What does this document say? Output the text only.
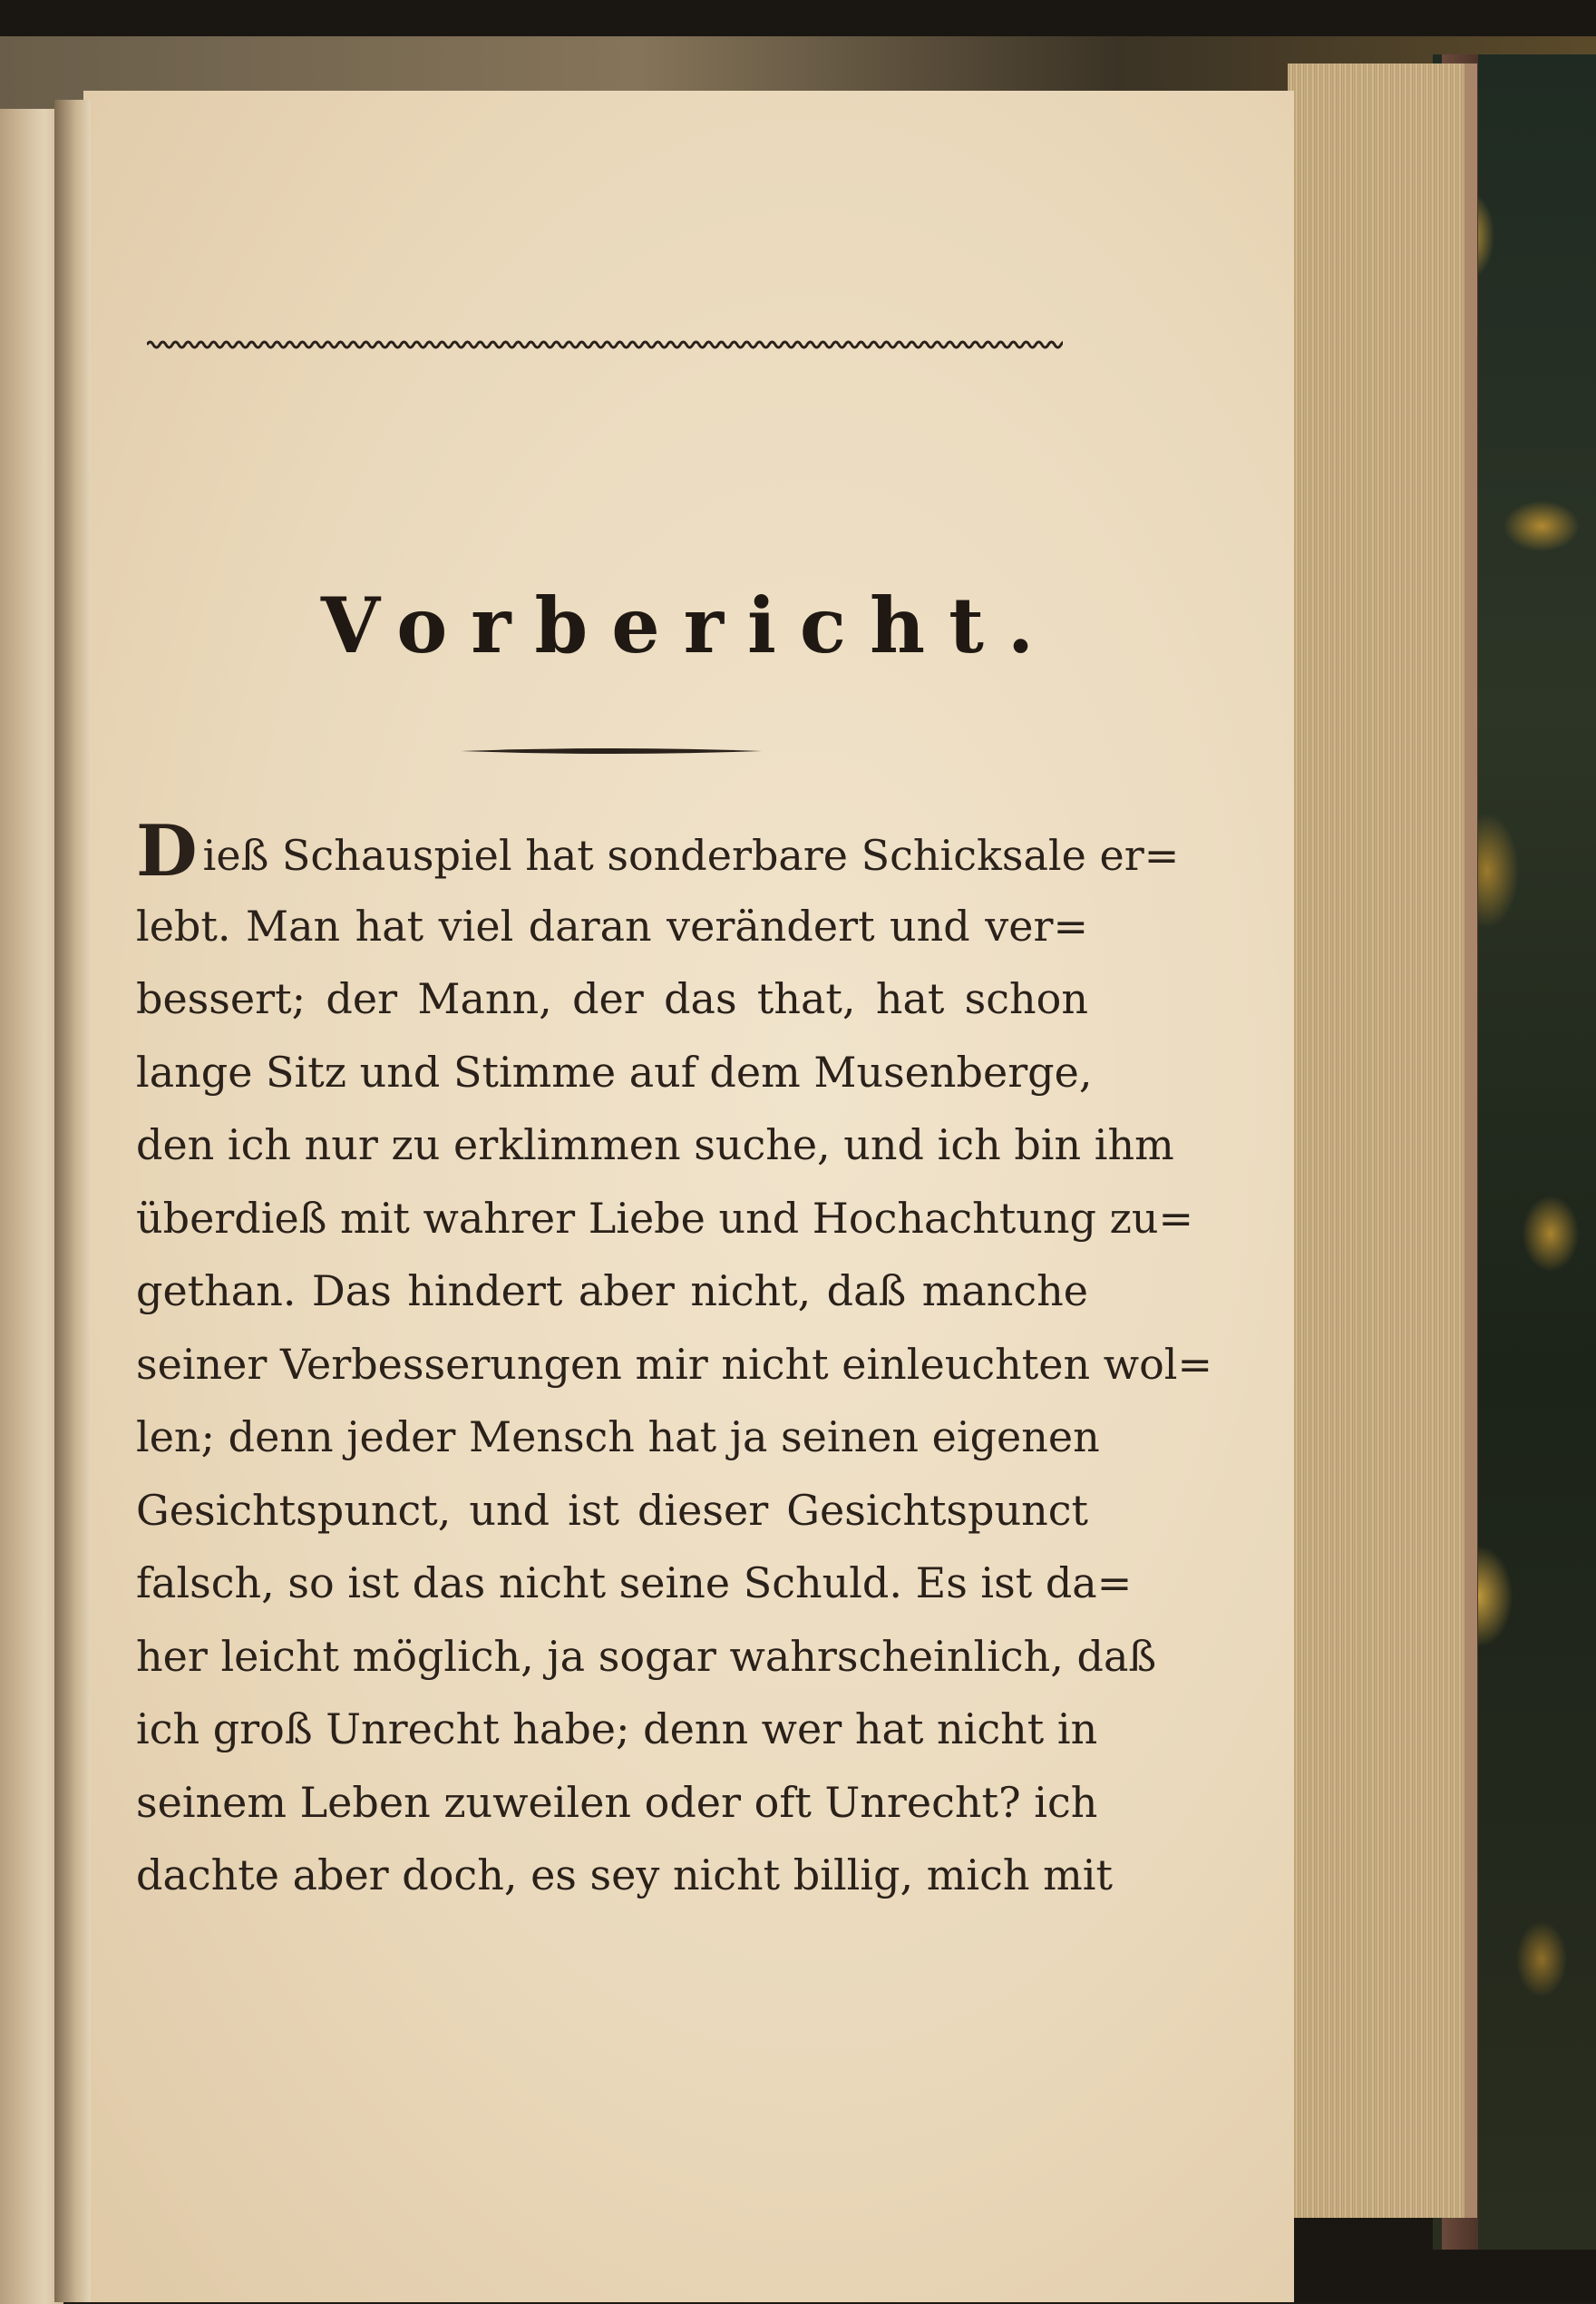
Vorbericht.
Dieß Schauspiel hat sonderbare Schicksale er=
lebt. Man hat viel daran verändert und ver=
bessert; der Mann, der das that, hat schon
lange Sitz und Stimme auf dem Musenberge,
den ich nur zu erklimmen suche, und ich bin ihm
überdieß mit wahrer Liebe und Hochachtung zu=
gethan. Das hindert aber nicht, daß manche
seiner Verbesserungen mir nicht einleuchten wol=
len; denn jeder Mensch hat ja seinen eigenen
Gesichtspunct, und ist dieser Gesichtspunct
falsch, so ist das nicht seine Schuld. Es ist da=
her leicht möglich, ja sogar wahrscheinlich, daß
ich groß Unrecht habe; denn wer hat nicht in
seinem Leben zuweilen oder oft Unrecht? ich
dachte aber doch, es sey nicht billig, mich mit
